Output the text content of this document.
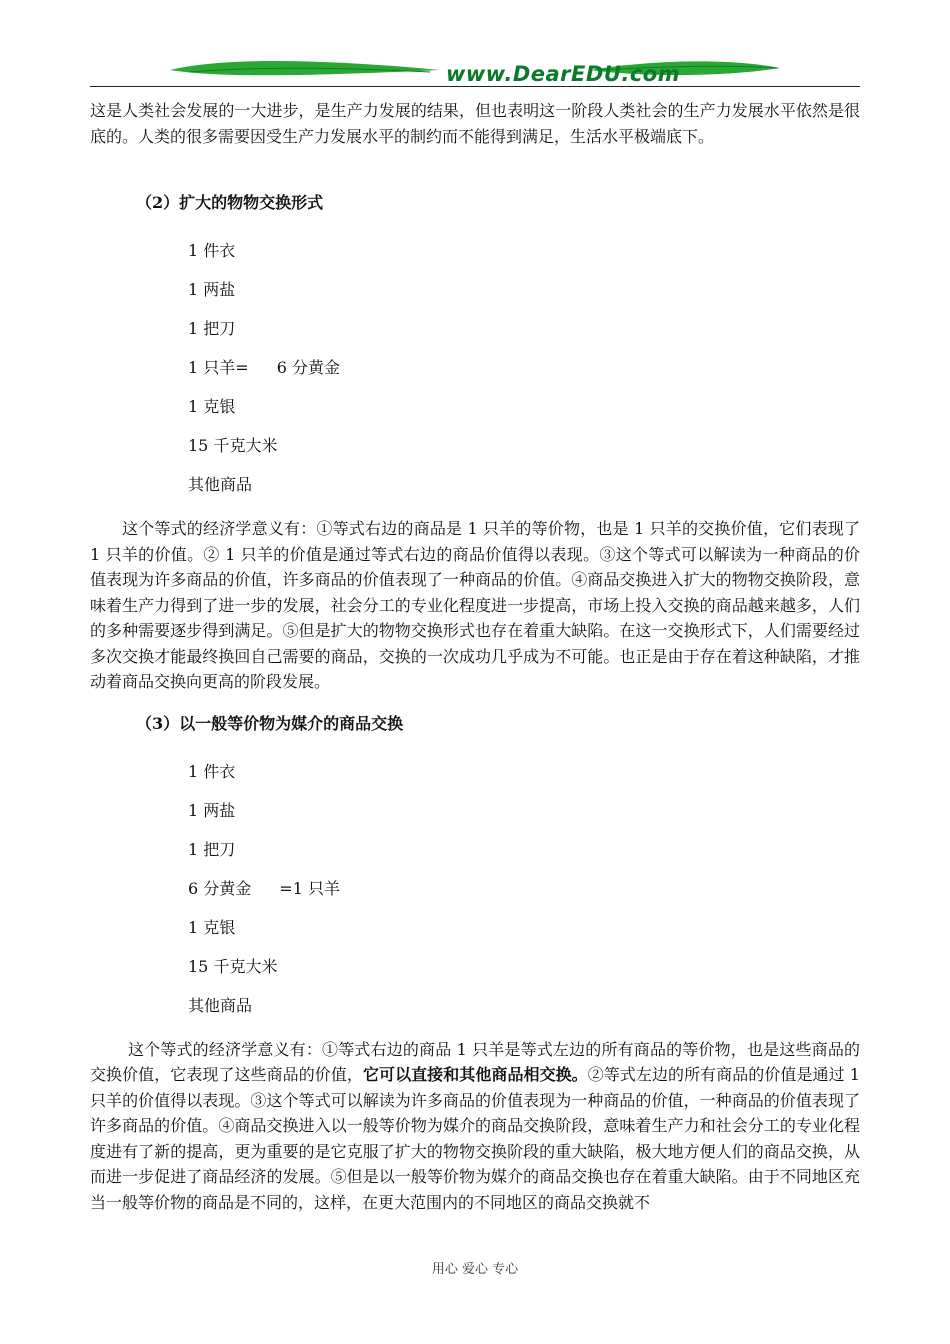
www.DearEDU.com

这是人类社会发展的一大进步，是生产力发展的结果，但也表明这一阶段人类社会的生产力发展水平依然是很底的。人类的很多需要因受生产力发展水平的制约而不能得到满足，生活水平极端底下。

（2）扩大的物物交换形式
1 件衣
1 两盐
1 把刀
1 只羊= 6 分黄金
1 克银
15 千克大米
其他商品

这个等式的经济学意义有：①等式右边的商品是 1 只羊的等价物，也是 1 只羊的交换价值，它们表现了 1 只羊的价值。② 1 只羊的价值是通过等式右边的商品价值得以表现。③这个等式可以解读为一种商品的价值表现为许多商品的价值，许多商品的价值表现了一种商品的价值。④商品交换进入扩大的物物交换阶段，意味着生产力得到了进一步的发展，社会分工的专业化程度进一步提高，市场上投入交换的商品越来越多，人们的多种需要逐步得到满足。⑤但是扩大的物物交换形式也存在着重大缺陷。在这一交换形式下，人们需要经过多次交换才能最终换回自己需要的商品，交换的一次成功几乎成为不可能。也正是由于存在着这种缺陷，才推动着商品交换向更高的阶段发展。

（3）以一般等价物为媒介的商品交换
1 件衣
1 两盐
1 把刀
6 分黄金 =1 只羊
1 克银
15 千克大米
其他商品

这个等式的经济学意义有：①等式右边的商品 1 只羊是等式左边的所有商品的等价物，也是这些商品的交换价值，它表现了这些商品的价值，它可以直接和其他商品相交换。②等式左边的所有商品的价值是通过 1 只羊的价值得以表现。③这个等式可以解读为许多商品的价值表现为一种商品的价值，一种商品的价值表现了许多商品的价值。④商品交换进入以一般等价物为媒介的商品交换阶段，意味着生产力和社会分工的专业化程度进有了新的提高，更为重要的是它克服了扩大的物物交换阶段的重大缺陷，极大地方便人们的商品交换，从而进一步促进了商品经济的发展。⑤但是以一般等价物为媒介的商品交换也存在着重大缺陷。由于不同地区充当一般等价物的商品是不同的，这样，在更大范围内的不同地区的商品交换就不

用心 爱心 专心
